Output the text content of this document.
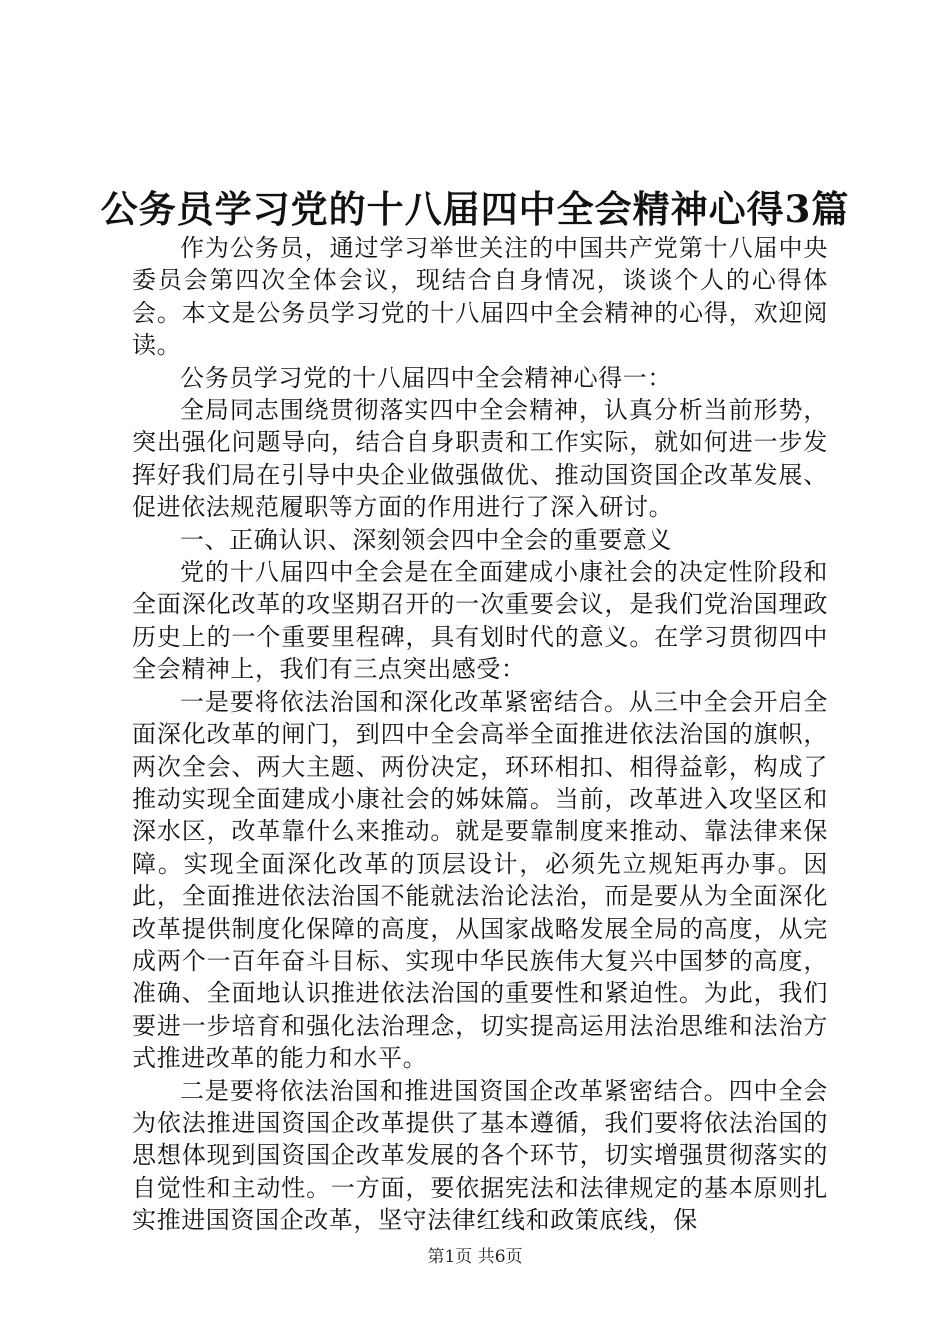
公务员学习党的十八届四中全会精神心得3篇

作为公务员，通过学习举世关注的中国共产党第十八届中央委员会第四次全体会议，现结合自身情况，谈谈个人的心得体会。本文是公务员学习党的十八届四中全会精神的心得，欢迎阅读。

公务员学习党的十八届四中全会精神心得一：

全局同志围绕贯彻落实四中全会精神，认真分析当前形势，突出强化问题导向，结合自身职责和工作实际，就如何进一步发挥好我们局在引导中央企业做强做优、推动国资国企改革发展、促进依法规范履职等方面的作用进行了深入研讨。

一、正确认识、深刻领会四中全会的重要意义

党的十八届四中全会是在全面建成小康社会的决定性阶段和全面深化改革的攻坚期召开的一次重要会议，是我们党治国理政历史上的一个重要里程碑，具有划时代的意义。在学习贯彻四中全会精神上，我们有三点突出感受：

一是要将依法治国和深化改革紧密结合。从三中全会开启全面深化改革的闸门，到四中全会高举全面推进依法治国的旗帜，两次全会、两大主题、两份决定，环环相扣、相得益彰，构成了推动实现全面建成小康社会的姊妹篇。当前，改革进入攻坚区和深水区，改革靠什么来推动。就是要靠制度来推动、靠法律来保障。实现全面深化改革的顶层设计，必须先立规矩再办事。因此，全面推进依法治国不能就法治论法治，而是要从为全面深化改革提供制度化保障的高度，从国家战略发展全局的高度，从完成两个一百年奋斗目标、实现中华民族伟大复兴中国梦的高度，准确、全面地认识推进依法治国的重要性和紧迫性。为此，我们要进一步培育和强化法治理念，切实提高运用法治思维和法治方式推进改革的能力和水平。

二是要将依法治国和推进国资国企改革紧密结合。四中全会为依法推进国资国企改革提供了基本遵循，我们要将依法治国的思想体现到国资国企改革发展的各个环节，切实增强贯彻落实的自觉性和主动性。一方面，要依据宪法和法律规定的基本原则扎实推进国资国企改革，坚守法律红线和政策底线，保

第1页 共6页
